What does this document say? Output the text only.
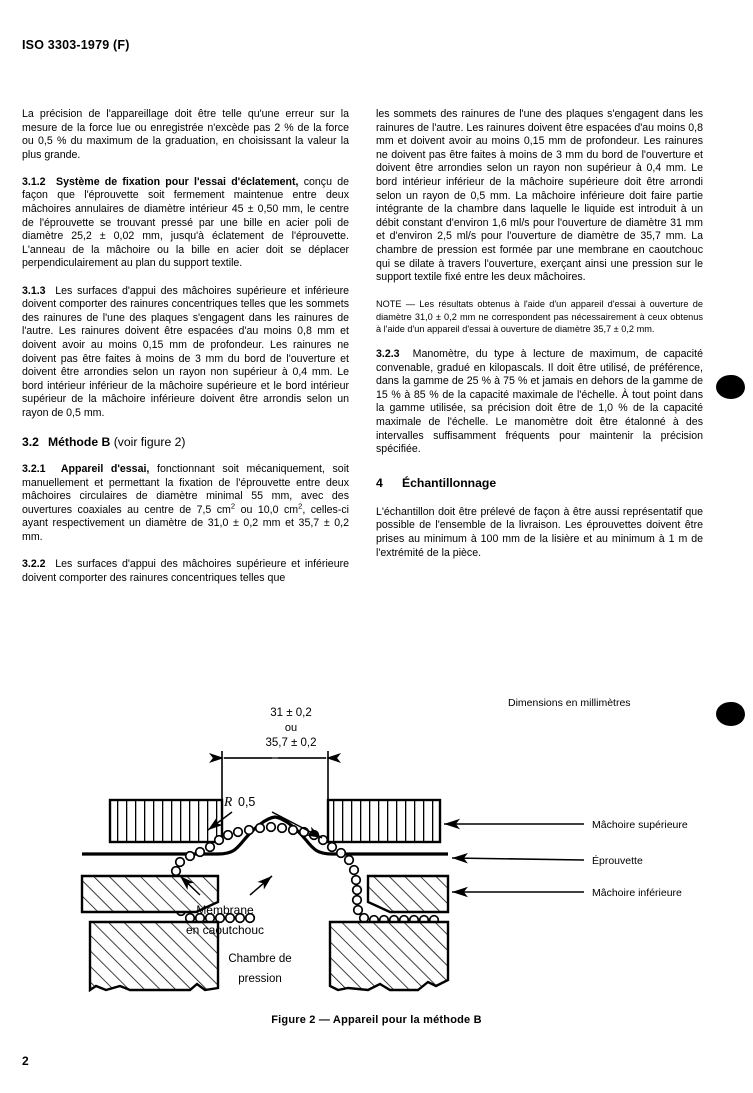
ISO 3303-1979 (F)

La précision de l'appareillage doit être telle qu'une erreur sur la mesure de la force lue ou enregistrée n'excède pas 2 % de la force ou 0,5 % du maximum de la graduation, en choisissant la valeur la plus grande.

3.1.2 Système de fixation pour l'essai d'éclatement, conçu de façon que l'éprouvette soit fermement maintenue entre deux mâchoires annulaires de diamètre intérieur 45 ± 0,50 mm, le centre de l'éprouvette se trouvant pressé par une bille en acier poli de diamètre 25,2 ± 0,02 mm, jusqu'à éclatement de l'éprouvette. L'anneau de la mâchoire ou la bille en acier doit se déplacer perpendiculairement au plan du support textile.

3.1.3 Les surfaces d'appui des mâchoires supérieure et inférieure doivent comporter des rainures concentriques telles que les sommets des rainures de l'une des plaques s'engagent dans les rainures de l'autre. Les rainures doivent être espacées d'au moins 0,8 mm et doivent avoir au moins 0,15 mm de profondeur. Les rainures ne doivent pas être faites à moins de 3 mm du bord de l'ouverture et doivent être arrondies selon un rayon non supérieur à 0,4 mm. Le bord intérieur inférieur de la mâchoire supérieure et le bord intérieur supérieur de la mâchoire inférieure doivent être arrondis selon un rayon de 0,5 mm.

3.2 Méthode B (voir figure 2)

3.2.1 Appareil d'essai, fonctionnant soit mécaniquement, soit manuellement et permettant la fixation de l'éprouvette entre deux mâchoires circulaires de diamètre minimal 55 mm, avec des ouvertures coaxiales au centre de 7,5 $cm^2$ ou 10,0 $cm^2$, celles-ci ayant respectivement un diamètre de 31,0 ± 0,2 mm et 35,7 ± 0,2 mm.

3.2.2 Les surfaces d'appui des mâchoires supérieure et inférieure doivent comporter des rainures concentriques telles que

les sommets des rainures de l'une des plaques s'engagent dans les rainures de l'autre. Les rainures doivent être espacées d'au moins 0,8 mm et doivent avoir au moins 0,15 mm de profondeur. Les rainures ne doivent pas être faites à moins de 3 mm du bord de l'ouverture et doivent être arrondies selon un rayon non supérieur à 0,4 mm. Le bord intérieur inférieur de la mâchoire supérieure doit être arrondi selon un rayon de 0,5 mm. La mâchoire inférieure doit faire partie intégrante de la chambre dans laquelle le liquide est introduit à un débit constant d'environ 1,6 ml/s pour l'ouverture de diamètre 31 mm et d'environ 2,5 ml/s pour l'ouverture de diamètre de 35,7 mm. La chambre de pression est formée par une membrane en caoutchouc qui se dilate à travers l'ouverture, exerçant ainsi une pression sur le support textile fixé entre les deux mâchoires.

NOTE — Les résultats obtenus à l'aide d'un appareil d'essai à ouverture de diamètre 31,0 ± 0,2 mm ne correspondent pas nécessairement à ceux obtenus à l'aide d'un appareil d'essai à ouverture de diamètre 35,7 ± 0,2 mm.

3.2.3 Manomètre, du type à lecture de maximum, de capacité convenable, gradué en kilopascals. Il doit être utilisé, de préférence, dans la gamme de 25 % à 75 % et jamais en dehors de la gamme de 15 % à 85 % de la capacité maximale de l'échelle. À tout point dans la gamme utilisée, sa précision doit être de 1,0 % de la capacité maximale de l'échelle. Le manomètre doit être étalonné à des intervalles suffisamment fréquents pour maintenir la précision spécifiée.

4 Échantillonnage

L'échantillon doit être prélevé de façon à être aussi représentatif que possible de l'ensemble de la livraison. Les éprouvettes doivent être prises au minimum à 100 mm de la lisière et au minimum à 1 m de l'extrémité de la pièce.

31 ± 0,2
ou
35,7 ± 0,2
R 0,5
Membrane
en caoutchouc
Chambre de
pression
Dimensions en millimètres
Mâchoire supérieure
Éprouvette
Mâchoire inférieure
Figure 2 — Appareil pour la méthode B
2
